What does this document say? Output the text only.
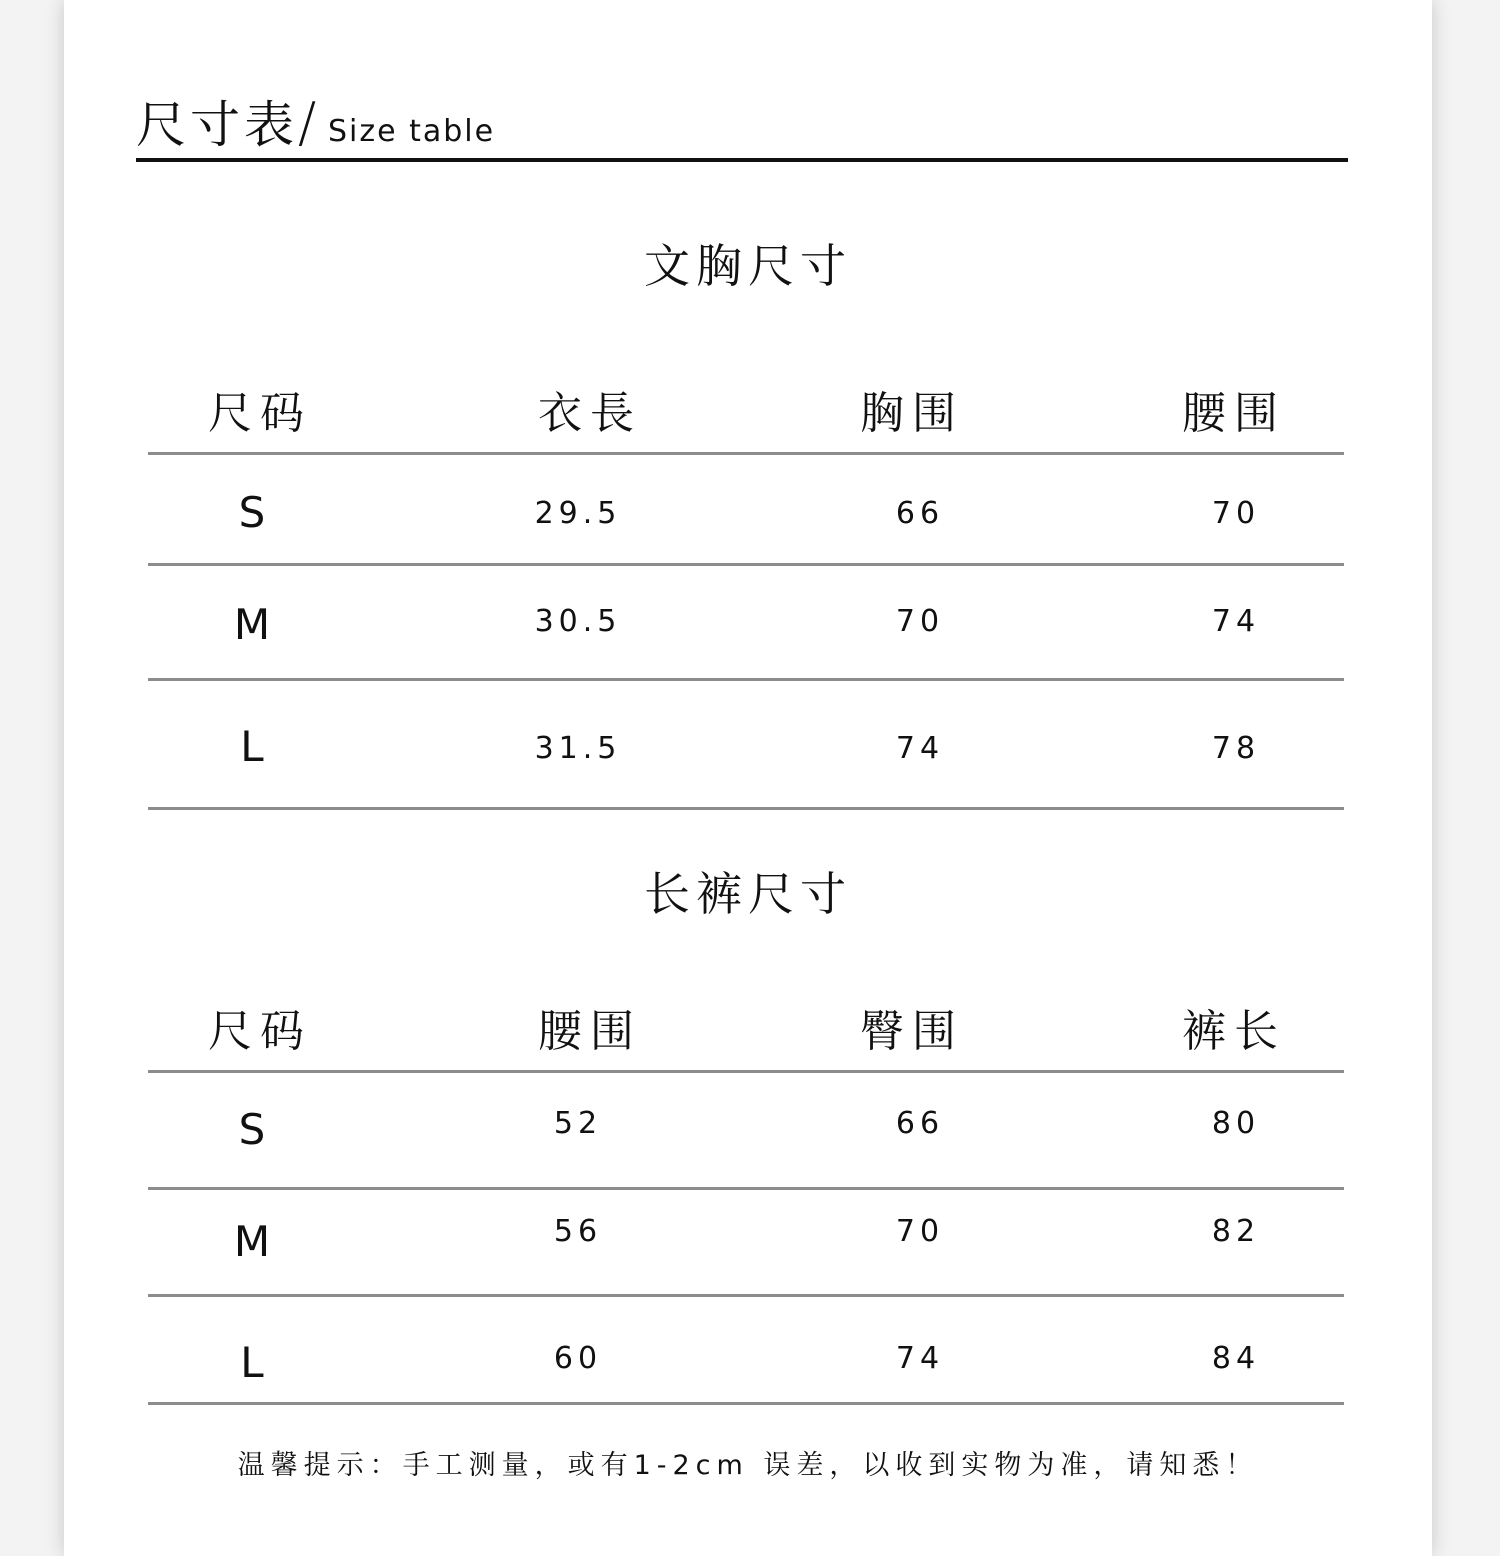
尺寸表 / Size table
文胸尺寸
尺码	衣長	胸围	腰围
S	29.5	66	70
M	30.5	70	74
L	31.5	74	78
长裤尺寸
尺码	腰围	臀围	裤长
S	52	66	80
M	56	70	82
L	60	74	84
温馨提示：手工测量，或有1-2cm 误差，以收到实物为准，请知悉！
